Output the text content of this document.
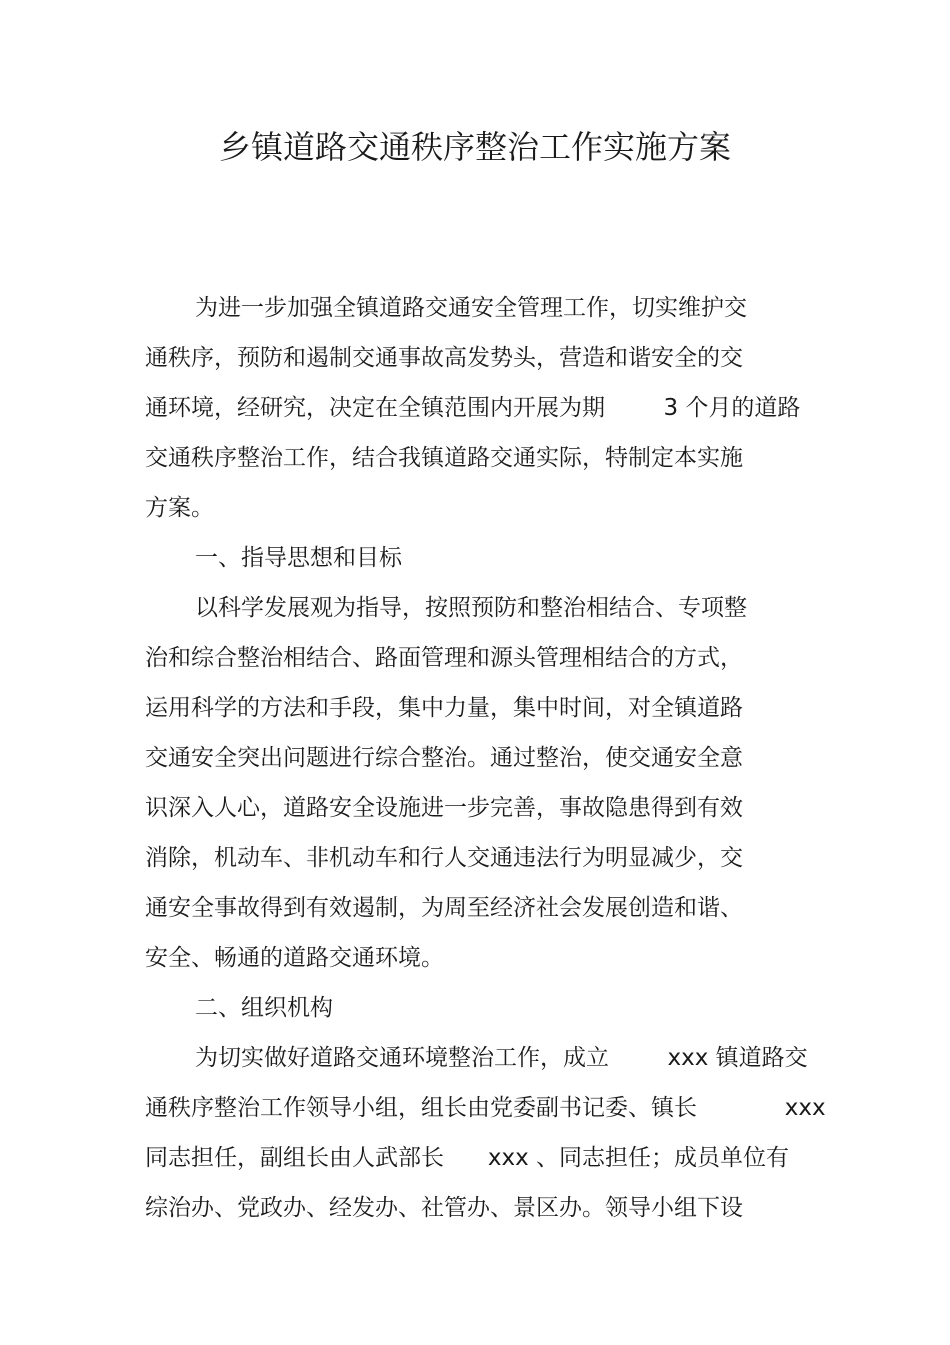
乡镇道路交通秩序整治工作实施方案

为进一步加强全镇道路交通安全管理工作，切实维护交

通秩序，预防和遏制交通事故高发势头，营造和谐安全的交

通环境，经研究，决定在全镇范围内开展为期        3 个月的道路

交通秩序整治工作，结合我镇道路交通实际，特制定本实施

方案。

一、指导思想和目标

以科学发展观为指导，按照预防和整治相结合、专项整

治和综合整治相结合、路面管理和源头管理相结合的方式，

运用科学的方法和手段，集中力量，集中时间，对全镇道路

交通安全突出问题进行综合整治。通过整治，使交通安全意

识深入人心，道路安全设施进一步完善，事故隐患得到有效

消除，机动车、非机动车和行人交通违法行为明显减少，交

通安全事故得到有效遏制，为周至经济社会发展创造和谐、

安全、畅通的道路交通环境。

二、组织机构

为切实做好道路交通环境整治工作，成立        xxx 镇道路交

通秩序整治工作领导小组，组长由党委副书记委、镇长            xxx

同志担任，副组长由人武部长      xxx 、同志担任；成员单位有

综治办、党政办、经发办、社管办、景区办。领导小组下设
